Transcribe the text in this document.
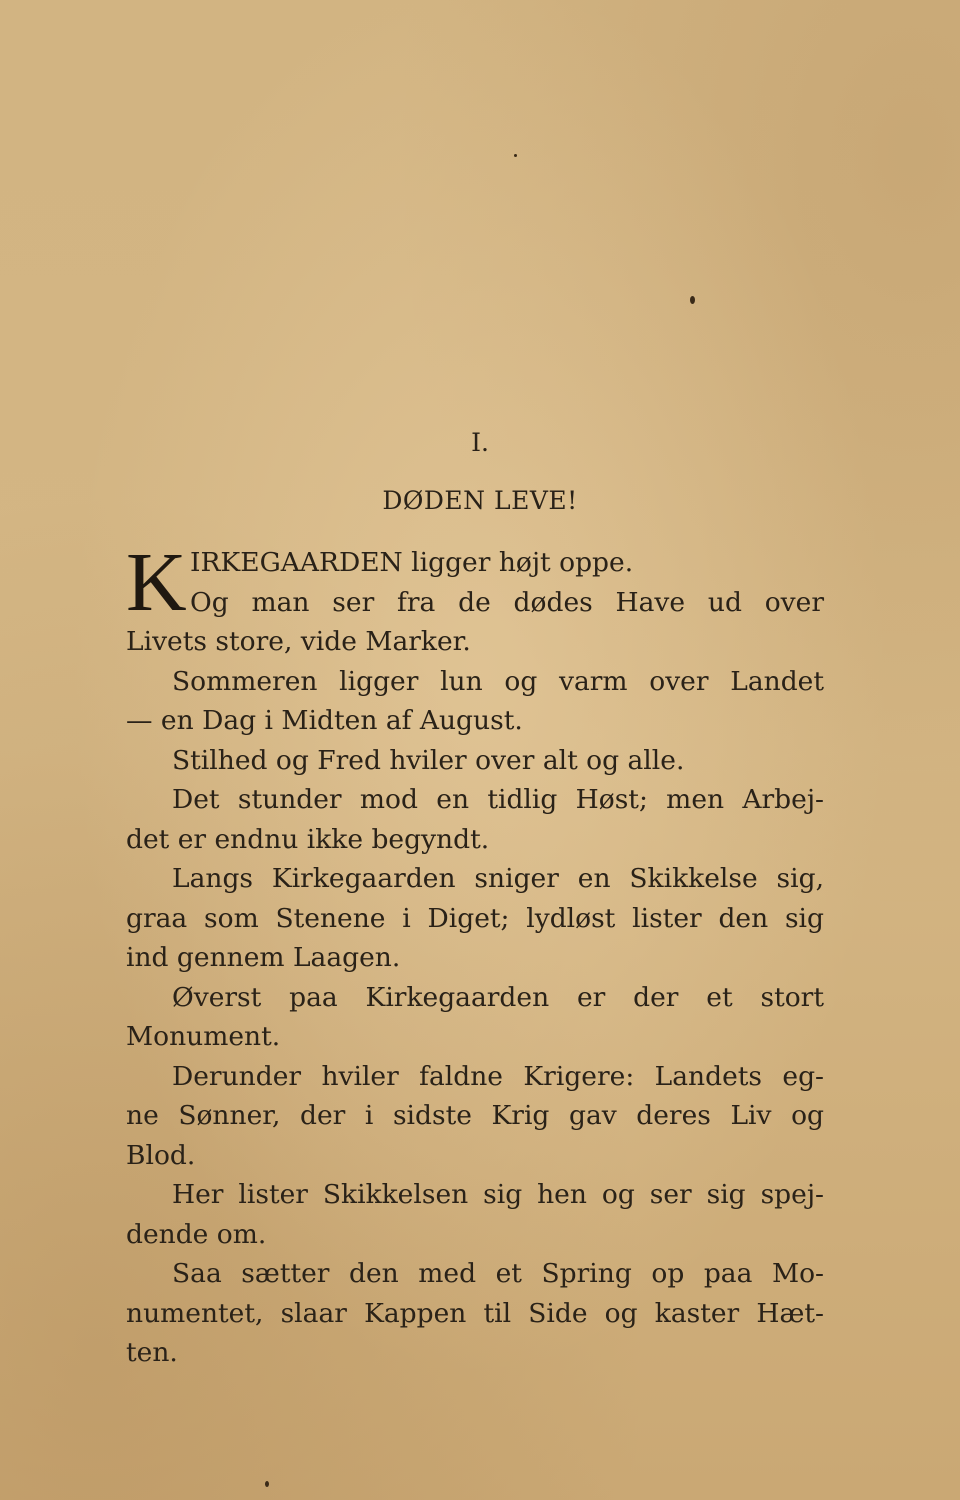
I.
DØDEN LEVE!
K IRKEGAARDEN ligger højt oppe.
Og man ser fra de dødes Have ud over
Livets store, vide Marker.
Sommeren ligger lun og varm over Landet
— en Dag i Midten af August.
Stilhed og Fred hviler over alt og alle.
Det stunder mod en tidlig Høst; men Arbej-
det er endnu ikke begyndt.
Langs Kirkegaarden sniger en Skikkelse sig,
graa som Stenene i Diget; lydløst lister den sig
ind gennem Laagen.
Øverst paa Kirkegaarden er der et stort
Monument.
Derunder hviler faldne Krigere: Landets eg-
ne Sønner, der i sidste Krig gav deres Liv og
Blod.
Her lister Skikkelsen sig hen og ser sig spej-
dende om.
Saa sætter den med et Spring op paa Mo-
numentet, slaar Kappen til Side og kaster Hæt-
ten.
